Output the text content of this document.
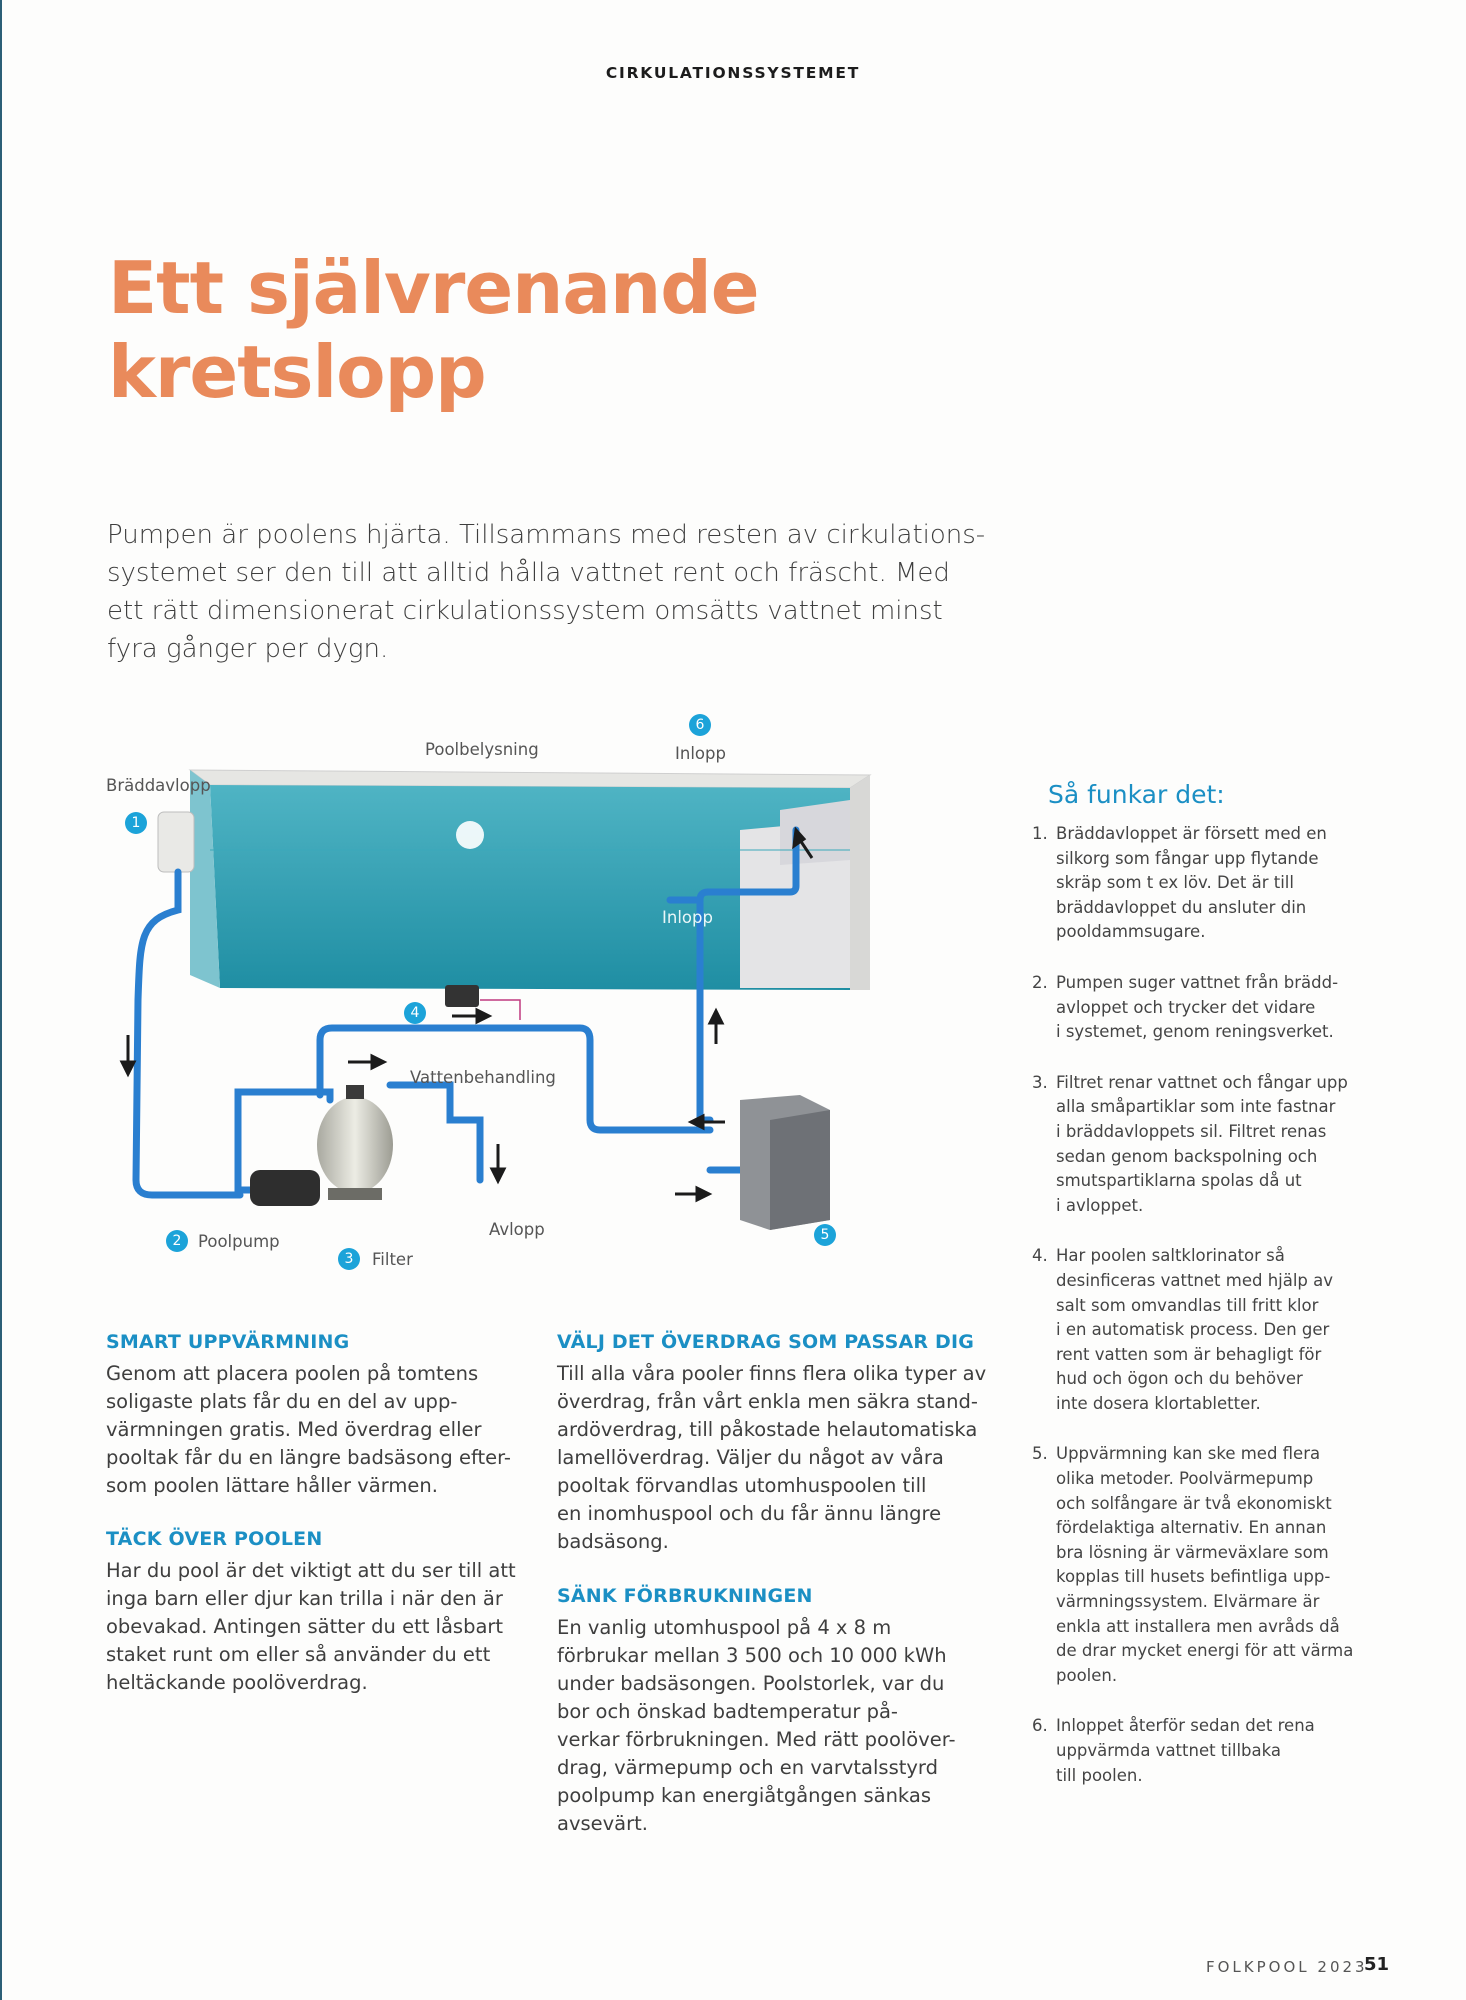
CIRKULATIONSSYSTEMET
Ett självrenande
kretslopp
Pumpen är poolens hjärta. Tillsammans med resten av cirkulationssystemet ser den till att alltid hålla vattnet rent och fräscht. Med ett rätt dimensionerat cirkulationssystem omsätts vattnet minst fyra gånger per dygn.
Bräddavlopp
1
Poolbelysning
6
Inlopp
Inlopp
4
Vattenbehandling
2	Poolpump
3	Filter
Avlopp	5
SMART UPPVÄRMNING
Genom att placera poolen på tomtens
soligaste plats får du en del av upp-
värmningen gratis. Med överdrag eller
pooltak får du en längre badsäsong efter-
som poolen lättare håller värmen.
TÄCK ÖVER POOLEN
Har du pool är det viktigt att du ser till att
inga barn eller djur kan trilla i när den är
obevakad. Antingen sätter du ett låsbart
staket runt om eller så använder du ett
heltäckande poolöverdrag.
VÄLJ DET ÖVERDRAG SOM PASSAR DIG
Till alla våra pooler finns flera olika typer av
överdrag, från vårt enkla men säkra stand-
ardöverdrag, till påkostade helautomatiska
lamellöverdrag. Väljer du något av våra
pooltak förvandlas utomhuspoolen till
en inomhuspool och du får ännu längre
badsäsong.
SÄNK FÖRBRUKNINGEN
En vanlig utomhuspool på 4 x 8 m
förbrukar mellan 3 500 och 10 000 kWh
under badsäsongen. Poolstorlek, var du
bor och önskad badtemperatur på-
verkar förbrukningen. Med rätt poolöver-
drag, värmepump och en varvtalsstyrd
poolpump kan energiåtgången sänkas
avsevärt.
Så funkar det:
1. Bräddavloppet är försett med en
silkorg som fångar upp flytande
skräp som t ex löv. Det är till
bräddavloppet du ansluter din
pooldammsugare.
2. Pumpen suger vattnet från brädd-
avloppet och trycker det vidare
i systemet, genom reningsverket.
3. Filtret renar vattnet och fångar upp
alla småpartiklar som inte fastnar
i bräddavloppets sil. Filtret renas
sedan genom backspolning och
smutspartiklarna spolas då ut
i avloppet.
4. Har poolen saltklorinator så
desinficeras vattnet med hjälp av
salt som omvandlas till fritt klor
i en automatisk process. Den ger
rent vatten som är behagligt för
hud och ögon och du behöver
inte dosera klortabletter.
5. Uppvärmning kan ske med flera
olika metoder. Poolvärmepump
och solfångare är två ekonomiskt
fördelaktiga alternativ. En annan
bra lösning är värmeväxlare som
kopplas till husets befintliga upp-
värmningssystem. Elvärmare är
enkla att installera men avråds då
de drar mycket energi för att värma
poolen.
6. Inloppet återför sedan det rena
uppvärmda vattnet tillbaka
till poolen.
FOLKPOOL 2023
51
